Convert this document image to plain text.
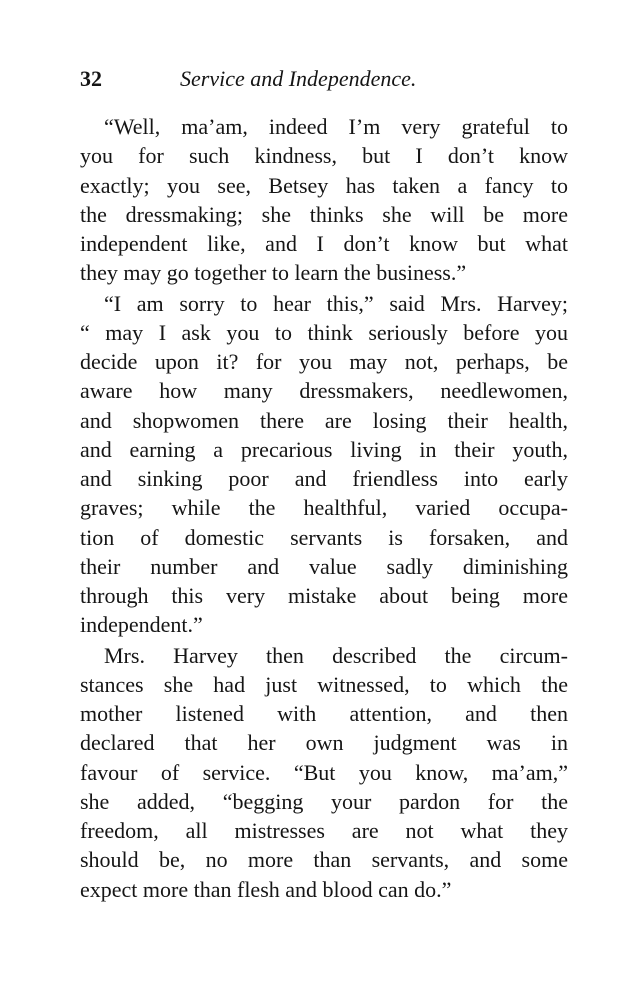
32	Service and Independence.
“Well, ma’am, indeed I’m very grateful to
you for such kindness, but I don’t know
exactly; you see, Betsey has taken a fancy to
the dressmaking; she thinks she will be more
independent like, and I don’t know but what
they may go together to learn the business.”
“I am sorry to hear this,” said Mrs. Harvey;
“ may I ask you to think seriously before you
decide upon it? for you may not, perhaps, be
aware how many dressmakers, needlewomen,
and shopwomen there are losing their health,
and earning a precarious living in their youth,
and sinking poor and friendless into early
graves; while the healthful, varied occupa-
tion of domestic servants is forsaken, and
their number and value sadly diminishing
through this very mistake about being more
independent.”
Mrs. Harvey then described the circum-
stances she had just witnessed, to which the
mother listened with attention, and then
declared that her own judgment was in
favour of service. “But you know, ma’am,”
she added, “begging your pardon for the
freedom, all mistresses are not what they
should be, no more than servants, and some
expect more than flesh and blood can do.”
